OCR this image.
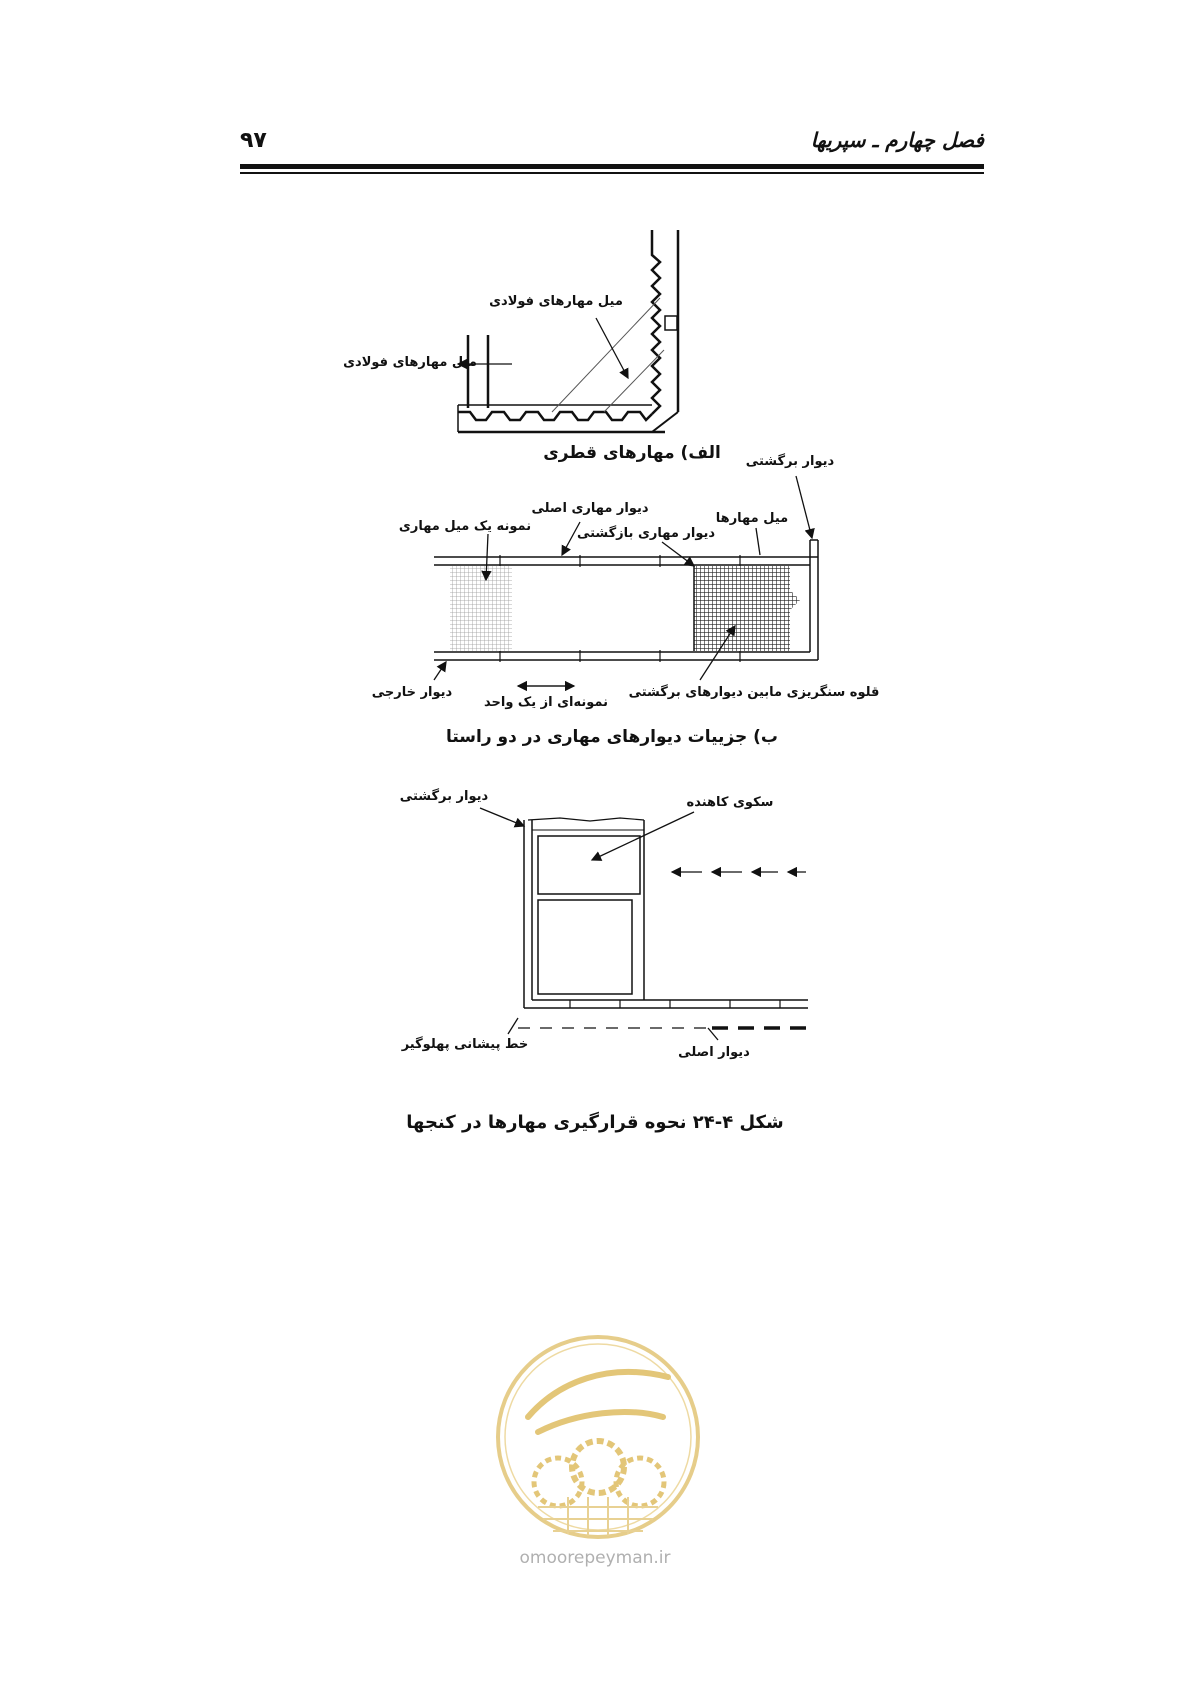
۹۷	فصل چهارم ـ سپریها
میل مهارهای فولادی
میل مهارهای فولادی
الف) مهارهای قطری دیوار برگشتی
دیوار مهاری اصلی
نمونه یک میل مهاری	دیوار مهاری بازگشتی
میل مهارها
دیوار خارجی
نمونه‌ای از یک واحد
قلوه سنگریزی مابین دیوارهای برگشتی
ب) جزییات دیوارهای مهاری در دو راستا
دیوار برگشتی	سکوی کاهنده
خط پیشانی پهلوگیر
دیوار اصلی
شکل ۴-۲۴ نحوه قرارگیری مهارها در کنجها
omoorepeyman.ir
